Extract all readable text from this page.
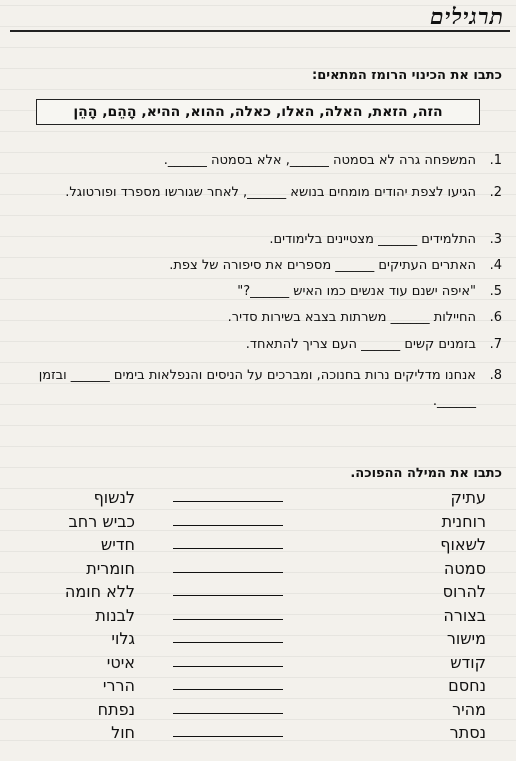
תרגילים
כתבו את הכינוי הרומז המתאים:
הזה, הזאת, האלה, האלו, כאלה, ההוא, ההיא, הָהֵם, הָהֵן
1.
המשפחה גרה לא בסמטה ______, אלא בסמטה ______.
2.
הגיעו לצפת יהודים מומחים בנושא ______, לאחר שגורשו מספרד ופורטוגל.
3.
התלמידים ______ מצטיינים בלימודים.
4.
האתרים העתיקים ______ מספרים את סיפורה של צפת.
5.
"איפה ישנם עוד אנשים כמו האיש ______?"
6.
החיילות ______ משרתות בצבא בשירות סדיר.
7.
בזמנים קשים ______ העם צריך להתאחד.
8.
אנחנו מדליקים נרות בחנוכה, ומברכים על הניסים והנפלאות בימים ______ ובזמן ______.
כתבו את המילה ההפוכה.
עתיק
לנשוף
רוחנית
כביש רחב
לשאוף
חדיש
סמטה
חומרית
להרוס
ללא חומה
בצורה
לבנות
מישור
גלוי
קודש
איטי
נחסם
הררי
מהיר
נפתח
נסתר
חול
